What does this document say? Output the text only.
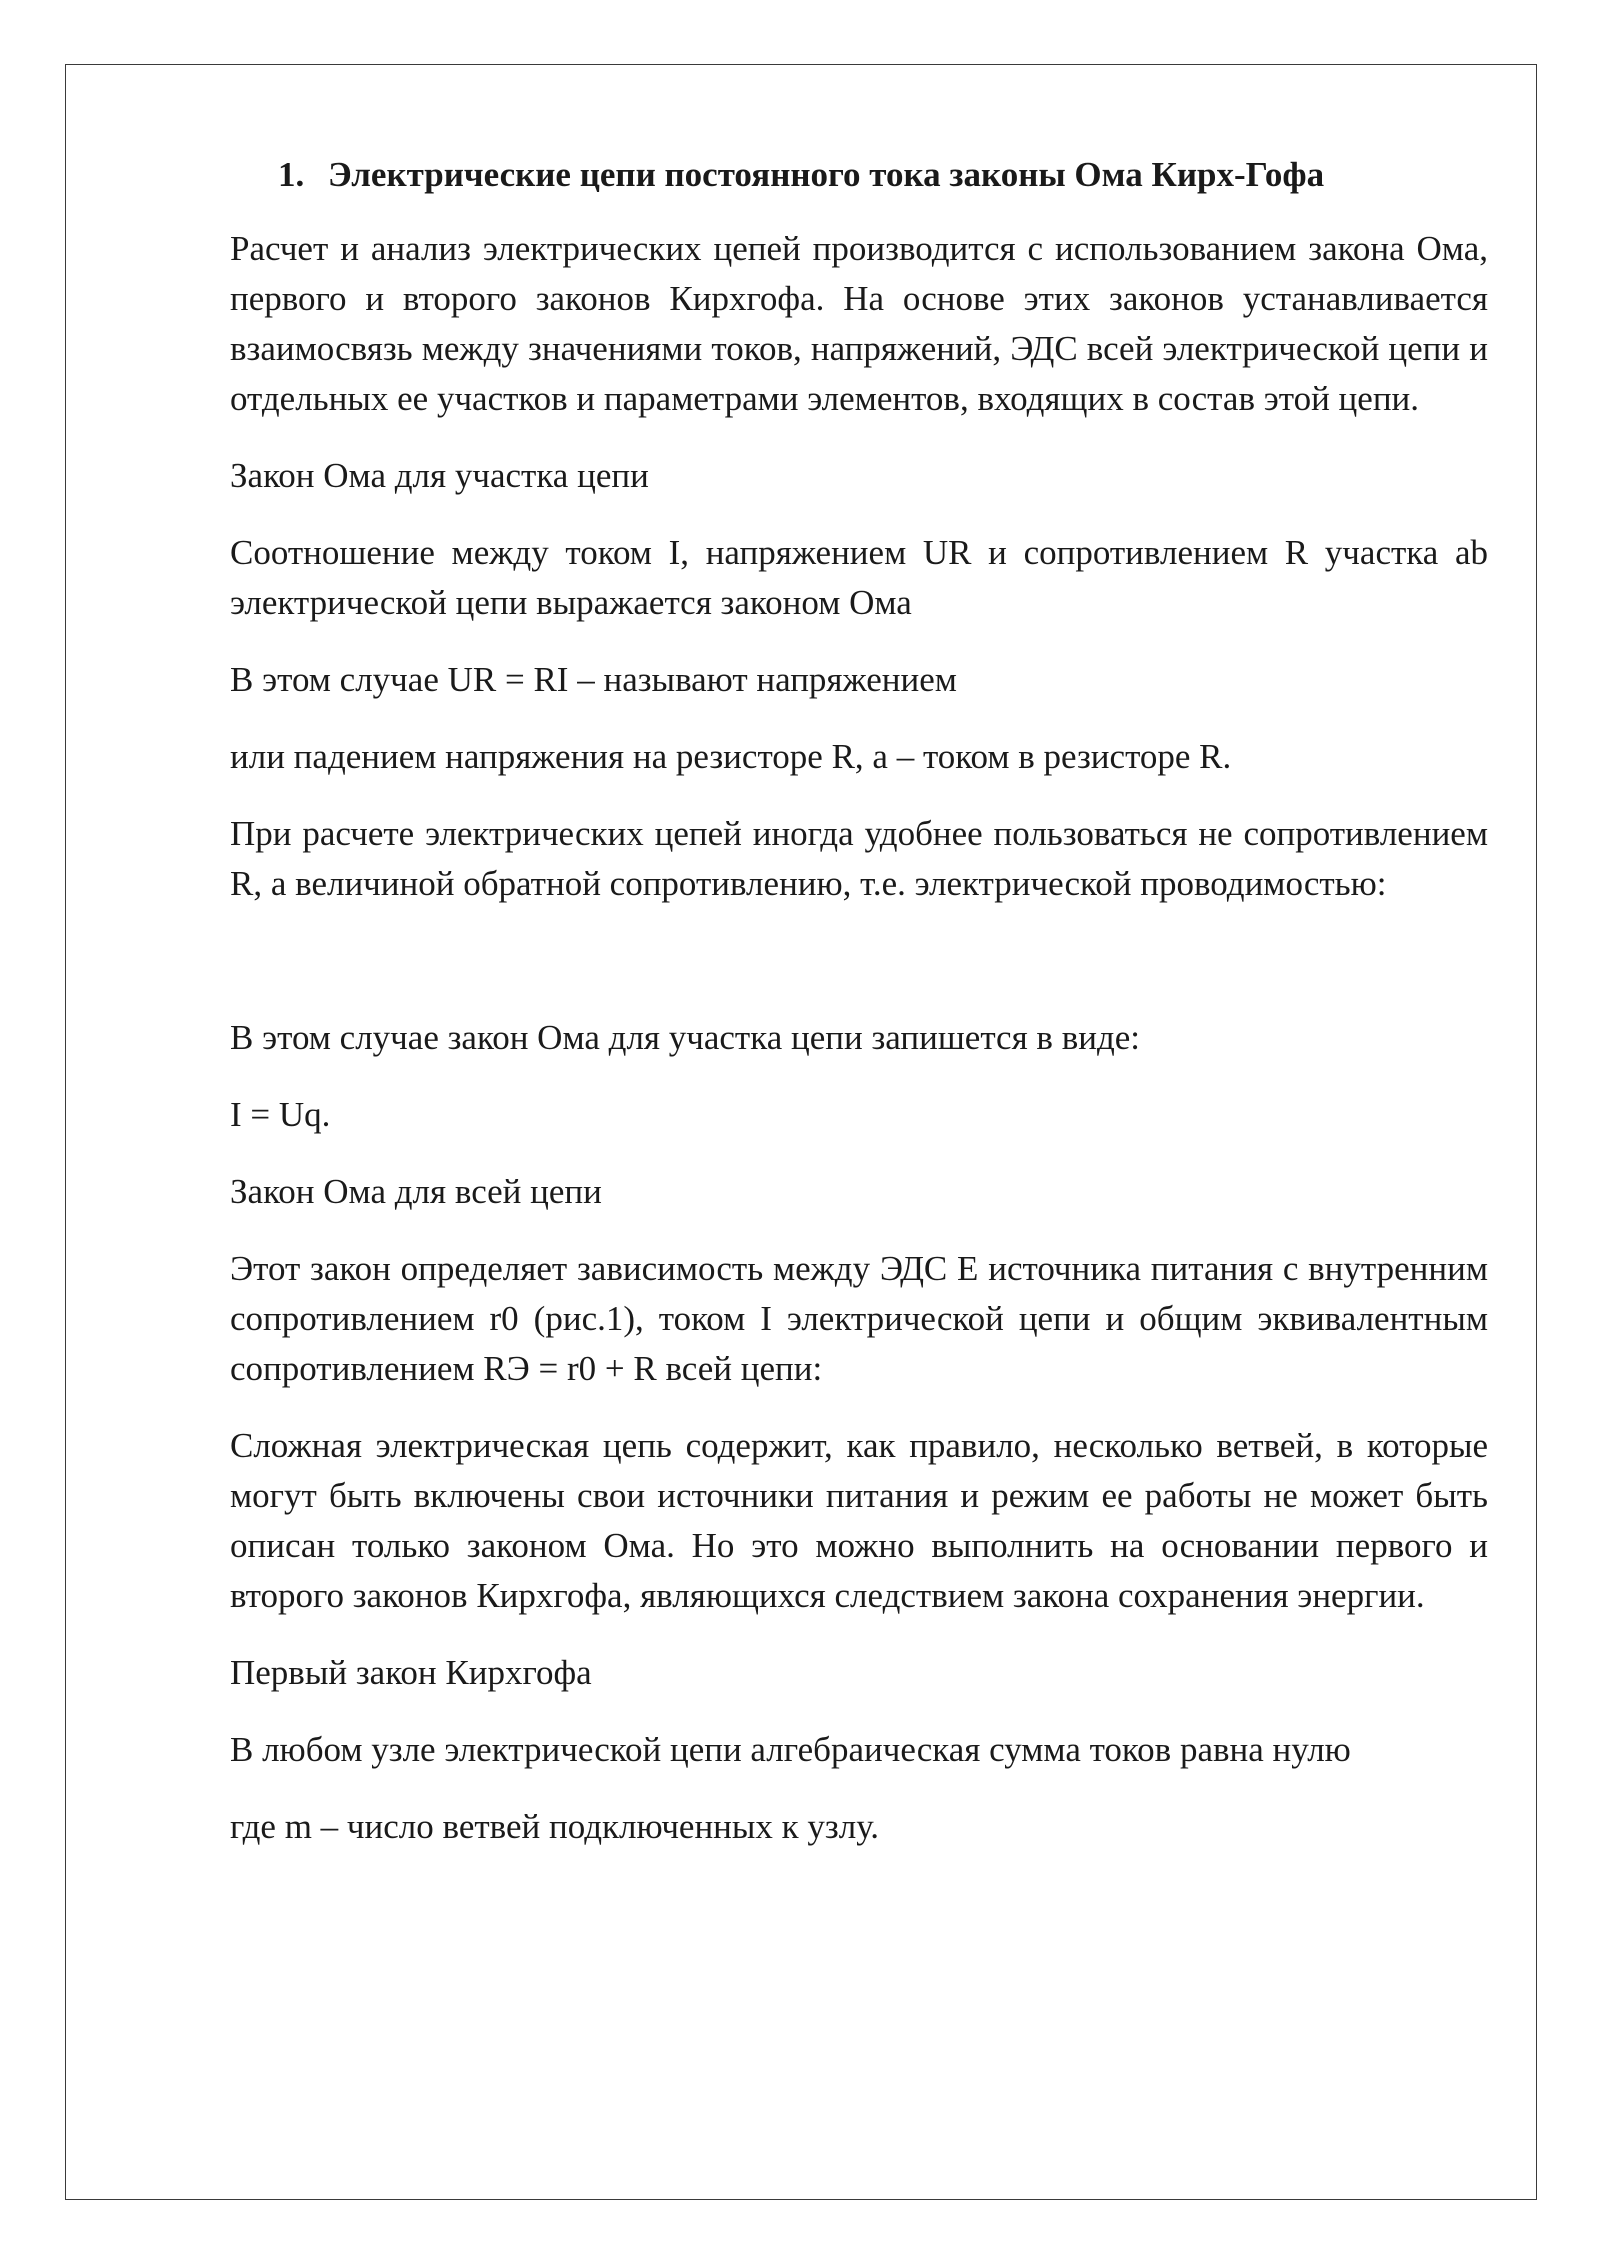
1. Электрические цепи постоянного тока законы Ома Кирх-Гофа

Расчет и анализ электрических цепей производится с использованием закона Ома, первого и второго законов Кирхгофа. На основе этих законов устанавливается взаимосвязь между значениями токов, напряжений, ЭДС всей электрической цепи и отдельных ее участков и параметрами элементов, входящих в состав этой цепи.

Закон Ома для участка цепи

Соотношение между током I, напряжением UR и сопротивлением R участка ab электрической цепи выражается законом Ома

В этом случае UR = RI – называют напряжением

или падением напряжения на резисторе R, а – током в резисторе R.

При расчете электрических цепей иногда удобнее пользоваться не сопротивлением R, а величиной обратной сопротивлению, т.е. электрической проводимостью:

В этом случае закон Ома для участка цепи запишется в виде:

I = Uq.

Закон Ома для всей цепи

Этот закон определяет зависимость между ЭДС Е источника питания с внутренним сопротивлением r0 (рис.1), током I электрической цепи и общим эквивалентным сопротивлением RЭ = r0 + R всей цепи:

Сложная электрическая цепь содержит, как правило, несколько ветвей, в которые могут быть включены свои источники питания и режим ее работы не может быть описан только законом Ома. Но это можно выполнить на основании первого и второго законов Кирхгофа, являющихся следствием закона сохранения энергии.

Первый закон Кирхгофа

В любом узле электрической цепи алгебраическая сумма токов равна нулю

где m – число ветвей подключенных к узлу.
